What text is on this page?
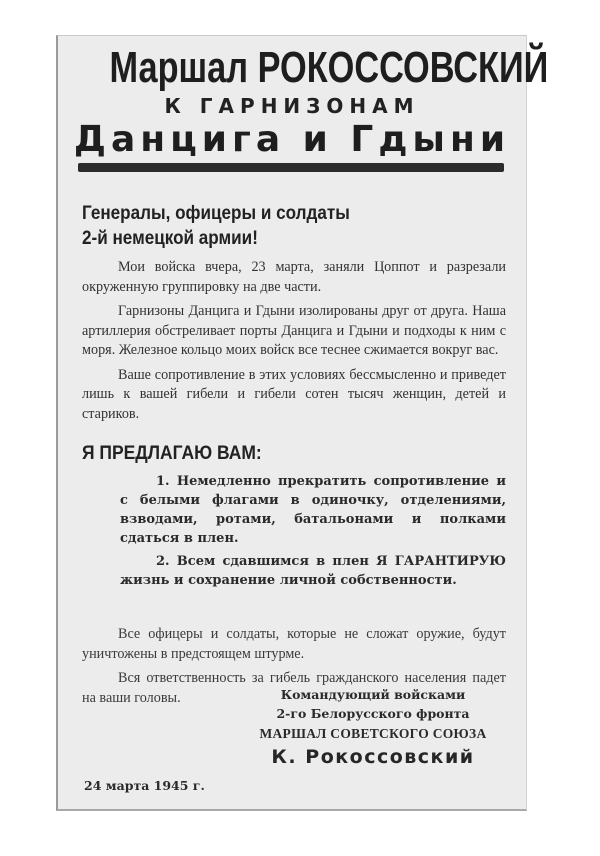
Маршал РОКОССОВСКИЙ
К ГАРНИЗОНАМ
Данцига и Гдыни
Генералы, офицеры и солдаты
2-й немецкой армии!

Мои войска вчера, 23 марта, заняли Цоппот и разрезали окруженную группировку на две части.

Гарнизоны Данцига и Гдыни изолированы друг от друга. Наша артиллерия обстреливает порты Данцига и Гдыни и подходы к ним с моря. Железное кольцо моих войск все теснее сжимается вокруг вас.

Ваше сопротивление в этих условиях бессмысленно и приведет лишь к вашей гибели и гибели сотен тысяч женщин, детей и стариков.

Я ПРЕДЛАГАЮ ВАМ:

1. Немедленно прекратить сопротивление и с белыми флагами в одиночку, отделениями, взводами, ротами, батальонами и полками сдаться в плен.

2. Всем сдавшимся в плен Я ГАРАНТИРУЮ жизнь и сохранение личной собственности.

Все офицеры и солдаты, которые не сложат оружие, будут уничтожены в предстоящем штурме.

Вся ответственность за гибель гражданского населения падет на ваши головы.	Командующий войсками
2-го Белорусского фронта
МАРШАЛ СОВЕТСКОГО СОЮЗА
К. Рокоссовский
24 марта 1945 г.
